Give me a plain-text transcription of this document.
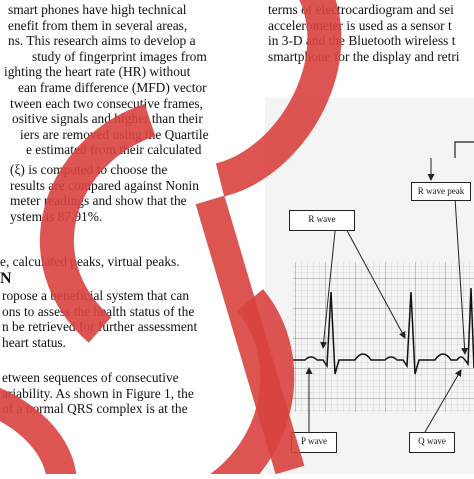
smart phones have high technical

enefit from them in several areas,

ns. This research aims to develop a

study of fingerprint images from

ighting the heart rate (HR) without

ean frame difference (MFD) vector

tween each two consecutive frames,

ositive signals and higher than their

iers are removed using the Quartile

e estimated from their calculated

(ξ) is computed to choose the

results are compared against Nonin

meter readings and show that the

ystem is 87.91%.

e, calculated peaks, virtual peaks.

N

ropose a beneficial system that can

ons to assess the health status of the

n be retrieved for further assessment

heart status.

etween sequences of consecutive

ariability. As shown in Figure 1, the

of a normal QRS complex is at the

terms of electrocardiogram and sei

accelerometer is used as a sensor t

in 3-D and the Bluetooth wireless t

smartphone for the display and retri

R wave peak
R wave
P wave	Q wave
